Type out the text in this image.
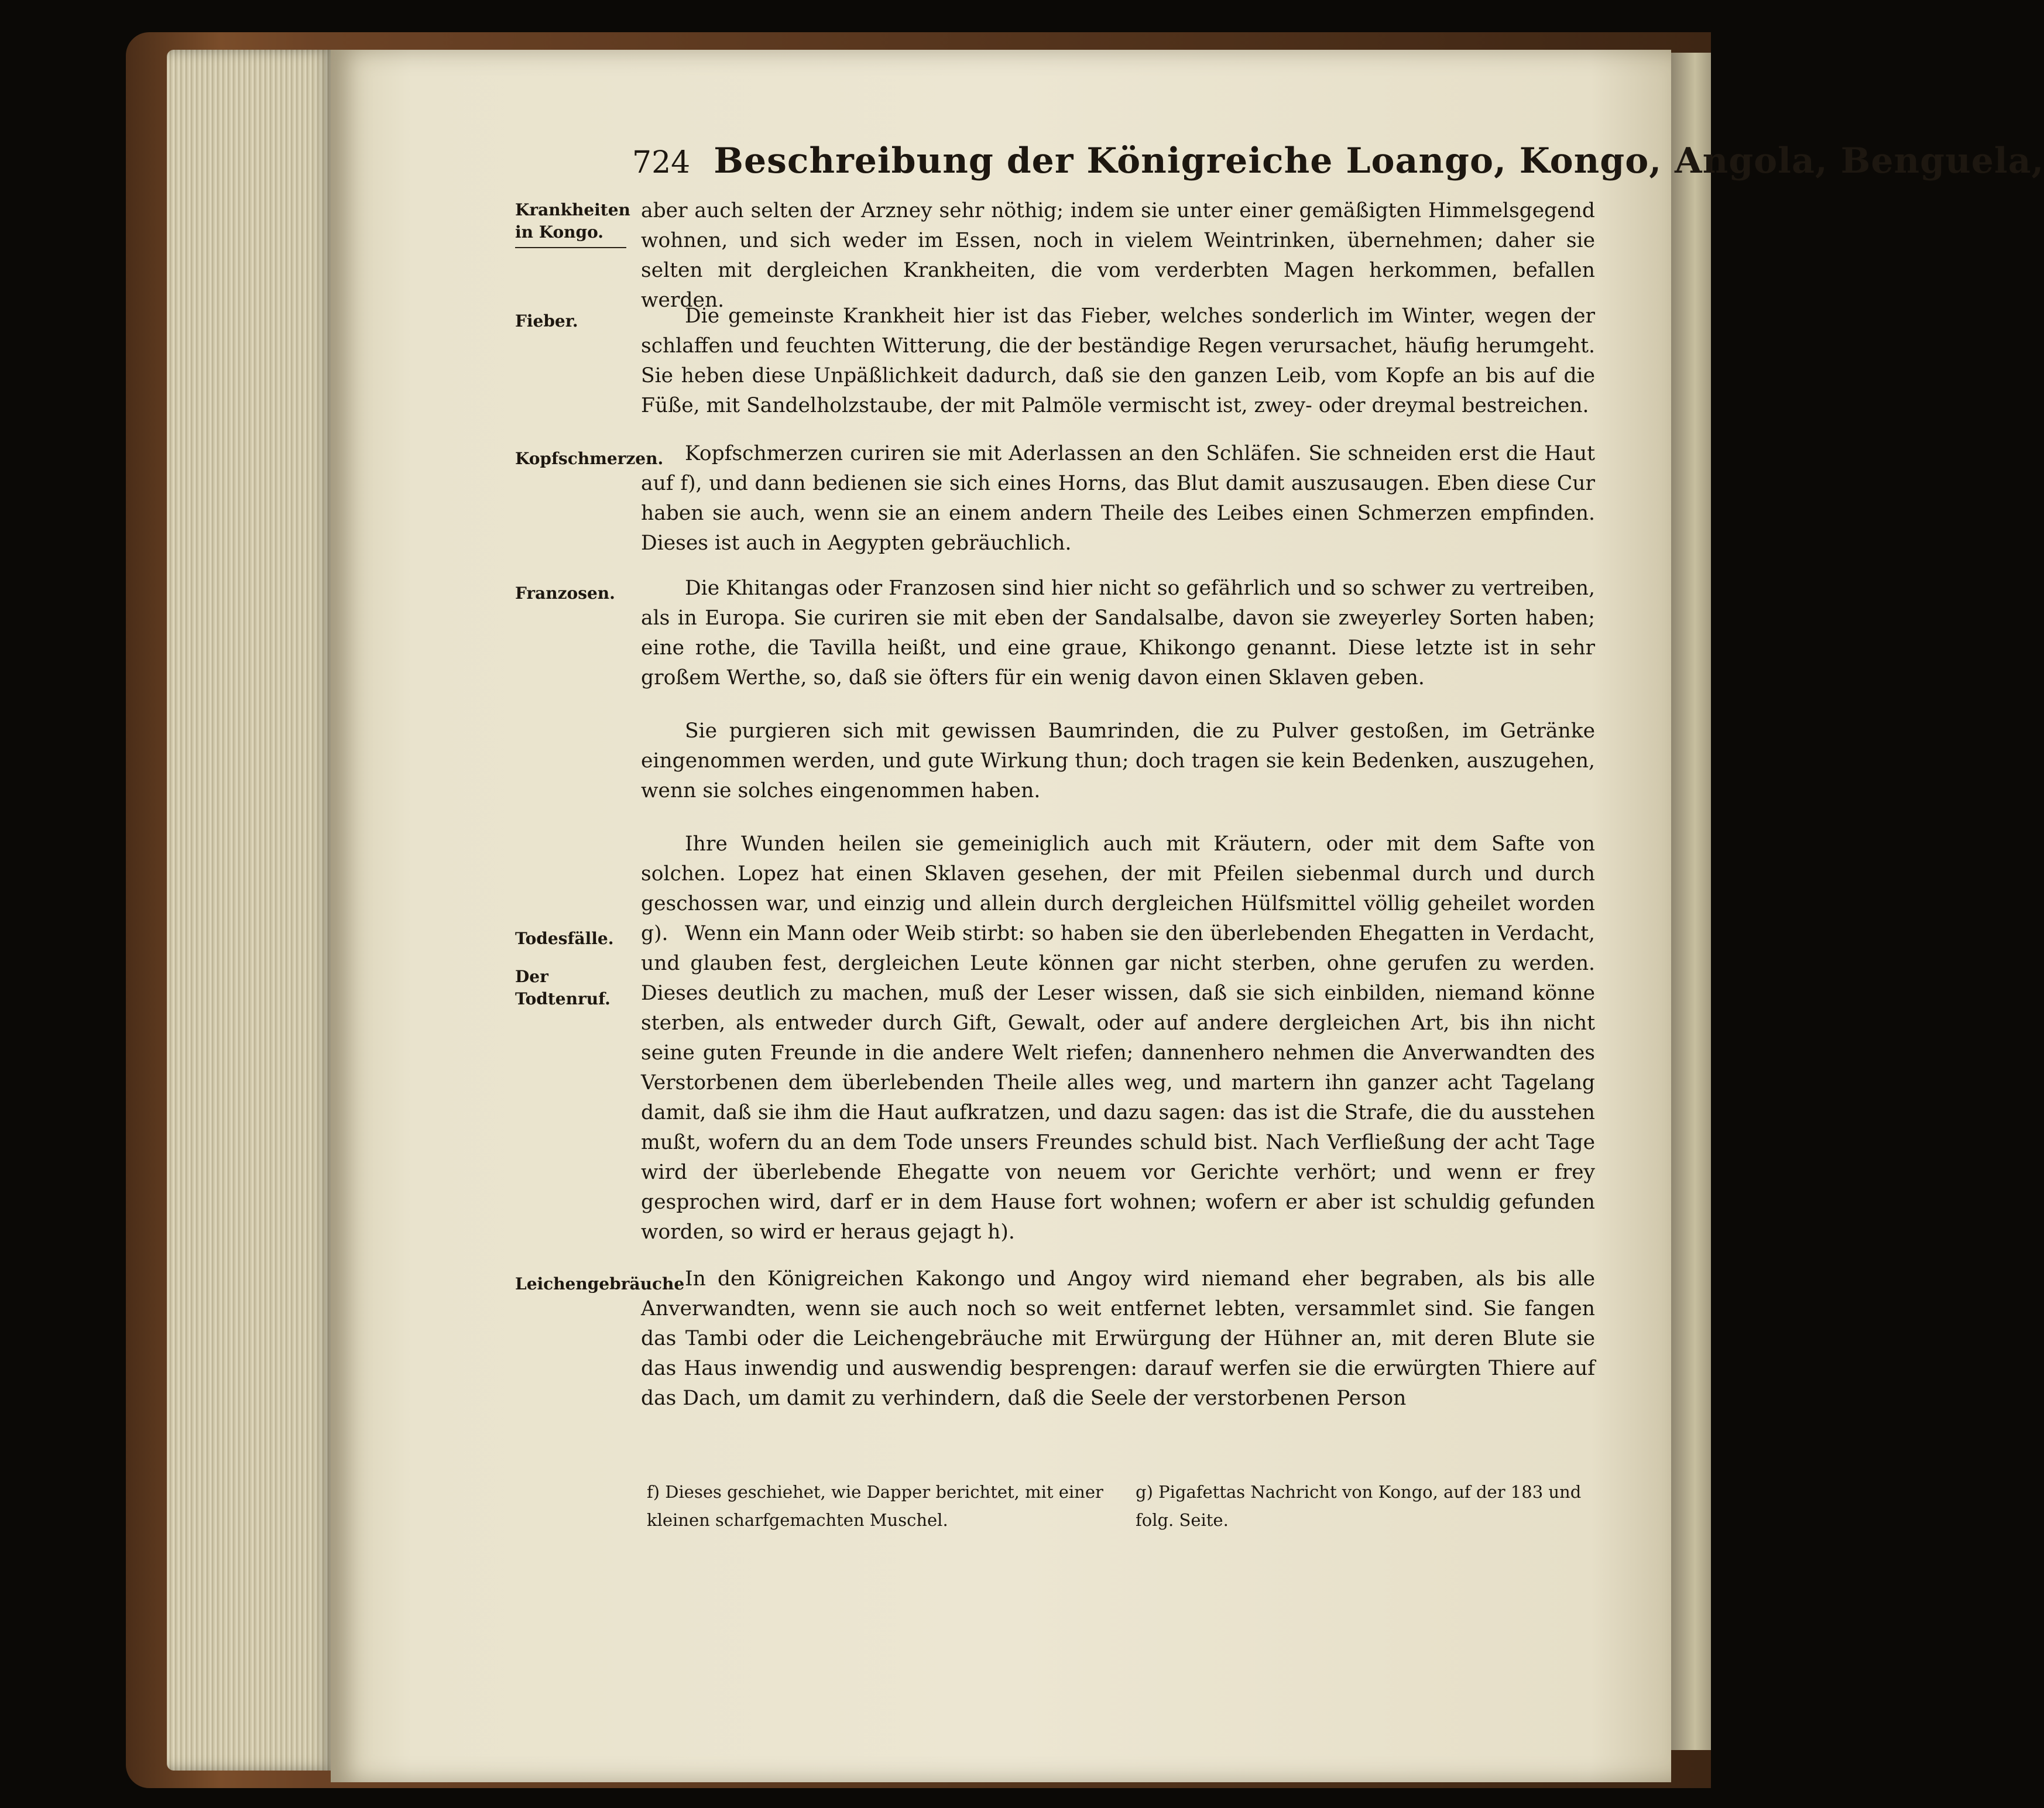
724 Beschreibung der Königreiche Loango, Kongo, Angola, Benguela,
Krankheiten in Kongo.
Fieber.
Kopfschmerzen.
Franzosen.
Todesfälle.
Der Todtenruf.
Leichengebräuche

aber auch selten der Arzney sehr nöthig; indem sie unter einer gemäßigten Himmelsgegend wohnen, und sich weder im Essen, noch in vielem Weintrinken, übernehmen; daher sie selten mit dergleichen Krankheiten, die vom verderbten Magen herkommen, befallen werden.

Die gemeinste Krankheit hier ist das Fieber, welches sonderlich im Winter, wegen der schlaffen und feuchten Witterung, die der beständige Regen verursachet, häufig herumgeht. Sie heben diese Unpäßlichkeit dadurch, daß sie den ganzen Leib, vom Kopfe an bis auf die Füße, mit Sandelholzstaube, der mit Palmöle vermischt ist, zwey- oder dreymal bestreichen.

Kopfschmerzen curiren sie mit Aderlassen an den Schläfen. Sie schneiden erst die Haut auf f), und dann bedienen sie sich eines Horns, das Blut damit auszusaugen. Eben diese Cur haben sie auch, wenn sie an einem andern Theile des Leibes einen Schmerzen empfinden. Dieses ist auch in Aegypten gebräuchlich.

Die Khitangas oder Franzosen sind hier nicht so gefährlich und so schwer zu vertreiben, als in Europa. Sie curiren sie mit eben der Sandalsalbe, davon sie zweyerley Sorten haben; eine rothe, die Tavilla heißt, und eine graue, Khikongo genannt. Diese letzte ist in sehr großem Werthe, so, daß sie öfters für ein wenig davon einen Sklaven geben.

Sie purgieren sich mit gewissen Baumrinden, die zu Pulver gestoßen, im Getränke eingenommen werden, und gute Wirkung thun; doch tragen sie kein Bedenken, auszugehen, wenn sie solches eingenommen haben.

Ihre Wunden heilen sie gemeiniglich auch mit Kräutern, oder mit dem Safte von solchen. Lopez hat einen Sklaven gesehen, der mit Pfeilen siebenmal durch und durch geschossen war, und einzig und allein durch dergleichen Hülfsmittel völlig geheilet worden g). Wenn ein Mann oder Weib stirbt: so haben sie den überlebenden Ehegatten in Verdacht, und glauben fest, dergleichen Leute können gar nicht sterben, ohne gerufen zu werden. Dieses deutlich zu machen, muß der Leser wissen, daß sie sich einbilden, niemand könne sterben, als entweder durch Gift, Gewalt, oder auf andere dergleichen Art, bis ihn nicht seine guten Freunde in die andere Welt riefen; dannenhero nehmen die Anverwandten des Verstorbenen dem überlebenden Theile alles weg, und martern ihn ganzer acht Tagelang damit, daß sie ihm die Haut aufkratzen, und dazu sagen: das ist die Strafe, die du ausstehen mußt, wofern du an dem Tode unsers Freundes schuld bist. Nach Verfließung der acht Tage wird der überlebende Ehegatte von neuem vor Gerichte verhört; und wenn er frey gesprochen wird, darf er in dem Hause fort wohnen; wofern er aber ist schuldig gefunden worden, so wird er heraus gejagt h).

In den Königreichen Kakongo und Angoy wird niemand eher begraben, als bis alle Anverwandten, wenn sie auch noch so weit entfernet lebten, versammlet sind. Sie fangen das Tambi oder die Leichengebräuche mit Erwürgung der Hühner an, mit deren Blute sie das Haus inwendig und auswendig besprengen: darauf werfen sie die erwürgten Thiere auf das Dach, um damit zu verhindern, daß die Seele der verstorbenen Person

f) Dieses geschiehet, wie Dapper berichtet, mit einer kleinen scharfgemachten Muschel.
g) Pigafettas Nachricht von Kongo, auf der 183 und folg. Seite.
